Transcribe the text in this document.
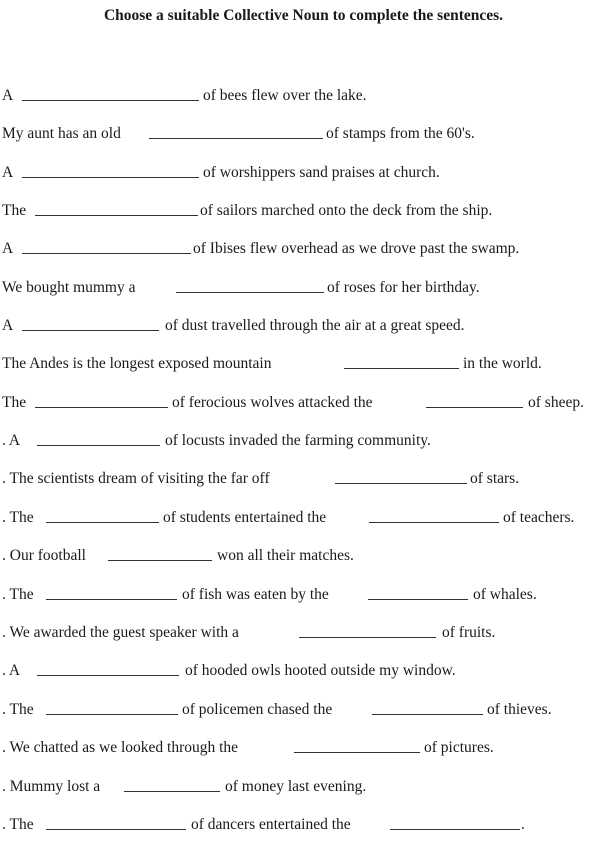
Choose a suitable Collective Noun to complete the sentences.
A	of bees flew over the lake.
My aunt has an old	of stamps from the 60's.
A	of worshippers sand praises at church.
The	of sailors marched onto the deck from the ship.
A	of Ibises flew overhead as we drove past the swamp.
We bought mummy a	of roses for her birthday.
A	of dust travelled through the air at a great speed.
The Andes is the longest exposed mountain	in the world.
The	of ferocious wolves attacked the	of sheep.
. A	of locusts invaded the farming community.
. The scientists dream of visiting the far off	of stars.
. The	of students entertained the	of teachers.
. Our football	won all their matches.
. The	of fish was eaten by the	of whales.
. We awarded the guest speaker with a	of fruits.
. A	of hooded owls hooted outside my window.
. The	of policemen chased the	of thieves.
. We chatted as we looked through the	of pictures.
. Mummy lost a	of money last evening.
. The	of dancers entertained the	.
